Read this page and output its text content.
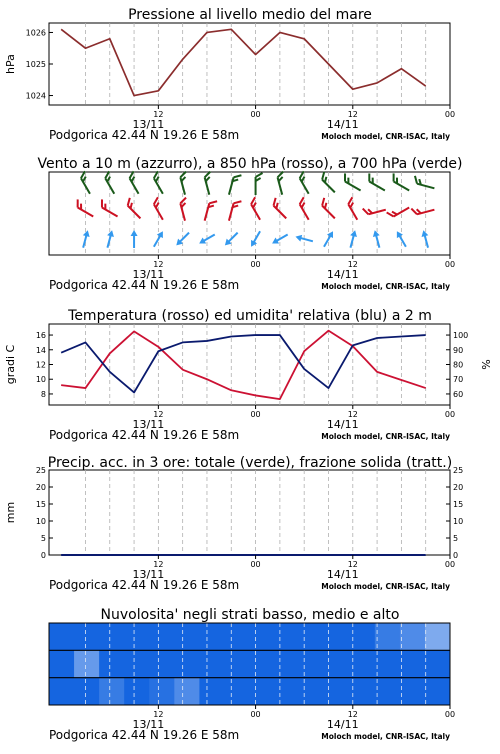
Pressione al livello medio del mare
1024
1025
1026
hPa
12	00	12	00
13/11	14/11
Podgorica 42.44 N 19.26 E 58m	Moloch model, CNR-ISAC, Italy
Vento a 10 m (azzurro), a 850 hPa (rosso), a 700 hPa (verde)
12	00	12	00
13/11	14/11
Podgorica 42.44 N 19.26 E 58m	Moloch model, CNR-ISAC, Italy
Temperatura (rosso) ed umidita' relativa (blu) a 2 m
8
10
12
14
16
60
70
80
90
100
gradi C	%
12	00	12	00
13/11	14/11
Podgorica 42.44 N 19.26 E 58m	Moloch model, CNR-ISAC, Italy
Precip. acc. in 3 ore: totale (verde), frazione solida (tratt.)
0
5
10
15
20
25
0
5
10
15
20
25
mm
12	00	12	00
13/11	14/11
Podgorica 42.44 N 19.26 E 58m	Moloch model, CNR-ISAC, Italy
Nuvolosita' negli strati basso, medio e alto
12	00	12	00
13/11	14/11
Podgorica 42.44 N 19.26 E 58m	Moloch model, CNR-ISAC, Italy
